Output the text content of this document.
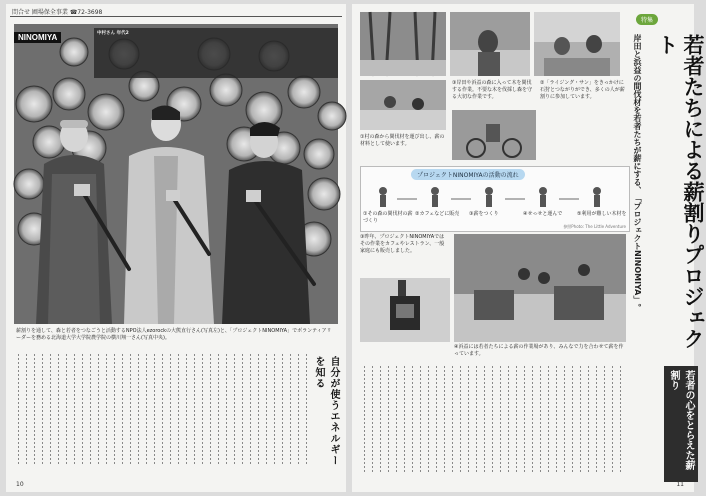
問合せ 圃場保全事業 ☎72-3698
NINOMIYA	中村さん 年代2
薪割りを通して、森と若者をつなごうと活動するNPO法人ezorockの大熊直行さん(写真左)と、「プロジェクトNINOMIYA」でボランティアリーダーを務める北海道大学大学院農学院の横川翔一さん(写真中央)。
自分が使うエネルギーを知る
10
特集
若者たちによる薪割りプロジェクト
岸田と浜益の間伐材を若者たちが薪にする、「プロジェクトNINOMIYA」。
③岸田や浜益の森に入って木を間伐する作業。不要な木を伐採し森を守る大切な作業です。
①村の森から間伐材を運び出し、薪の材料として使います。
②「ライジング・サン」をきっかけに石狩とつながりができ、多くの人が薪割りに参加しています。
プロジェクトNINOMIYAの活動の流れ
⑤利用が難しい木材を
④せっせと運んで
③薪をつくり
②カフェなどに販売
①その森の間伐材の薪づくり
参照Photo: The Little Adventure
③昨年、プロジェクトNINOMIYAではその作業をカフェやレストラン、一般家庭にも販売しました。
④浜益には若者たちによる薪の作業場があり、みんなで力を合わせて薪を作っています。
若者の心をとらえた薪割り
11
